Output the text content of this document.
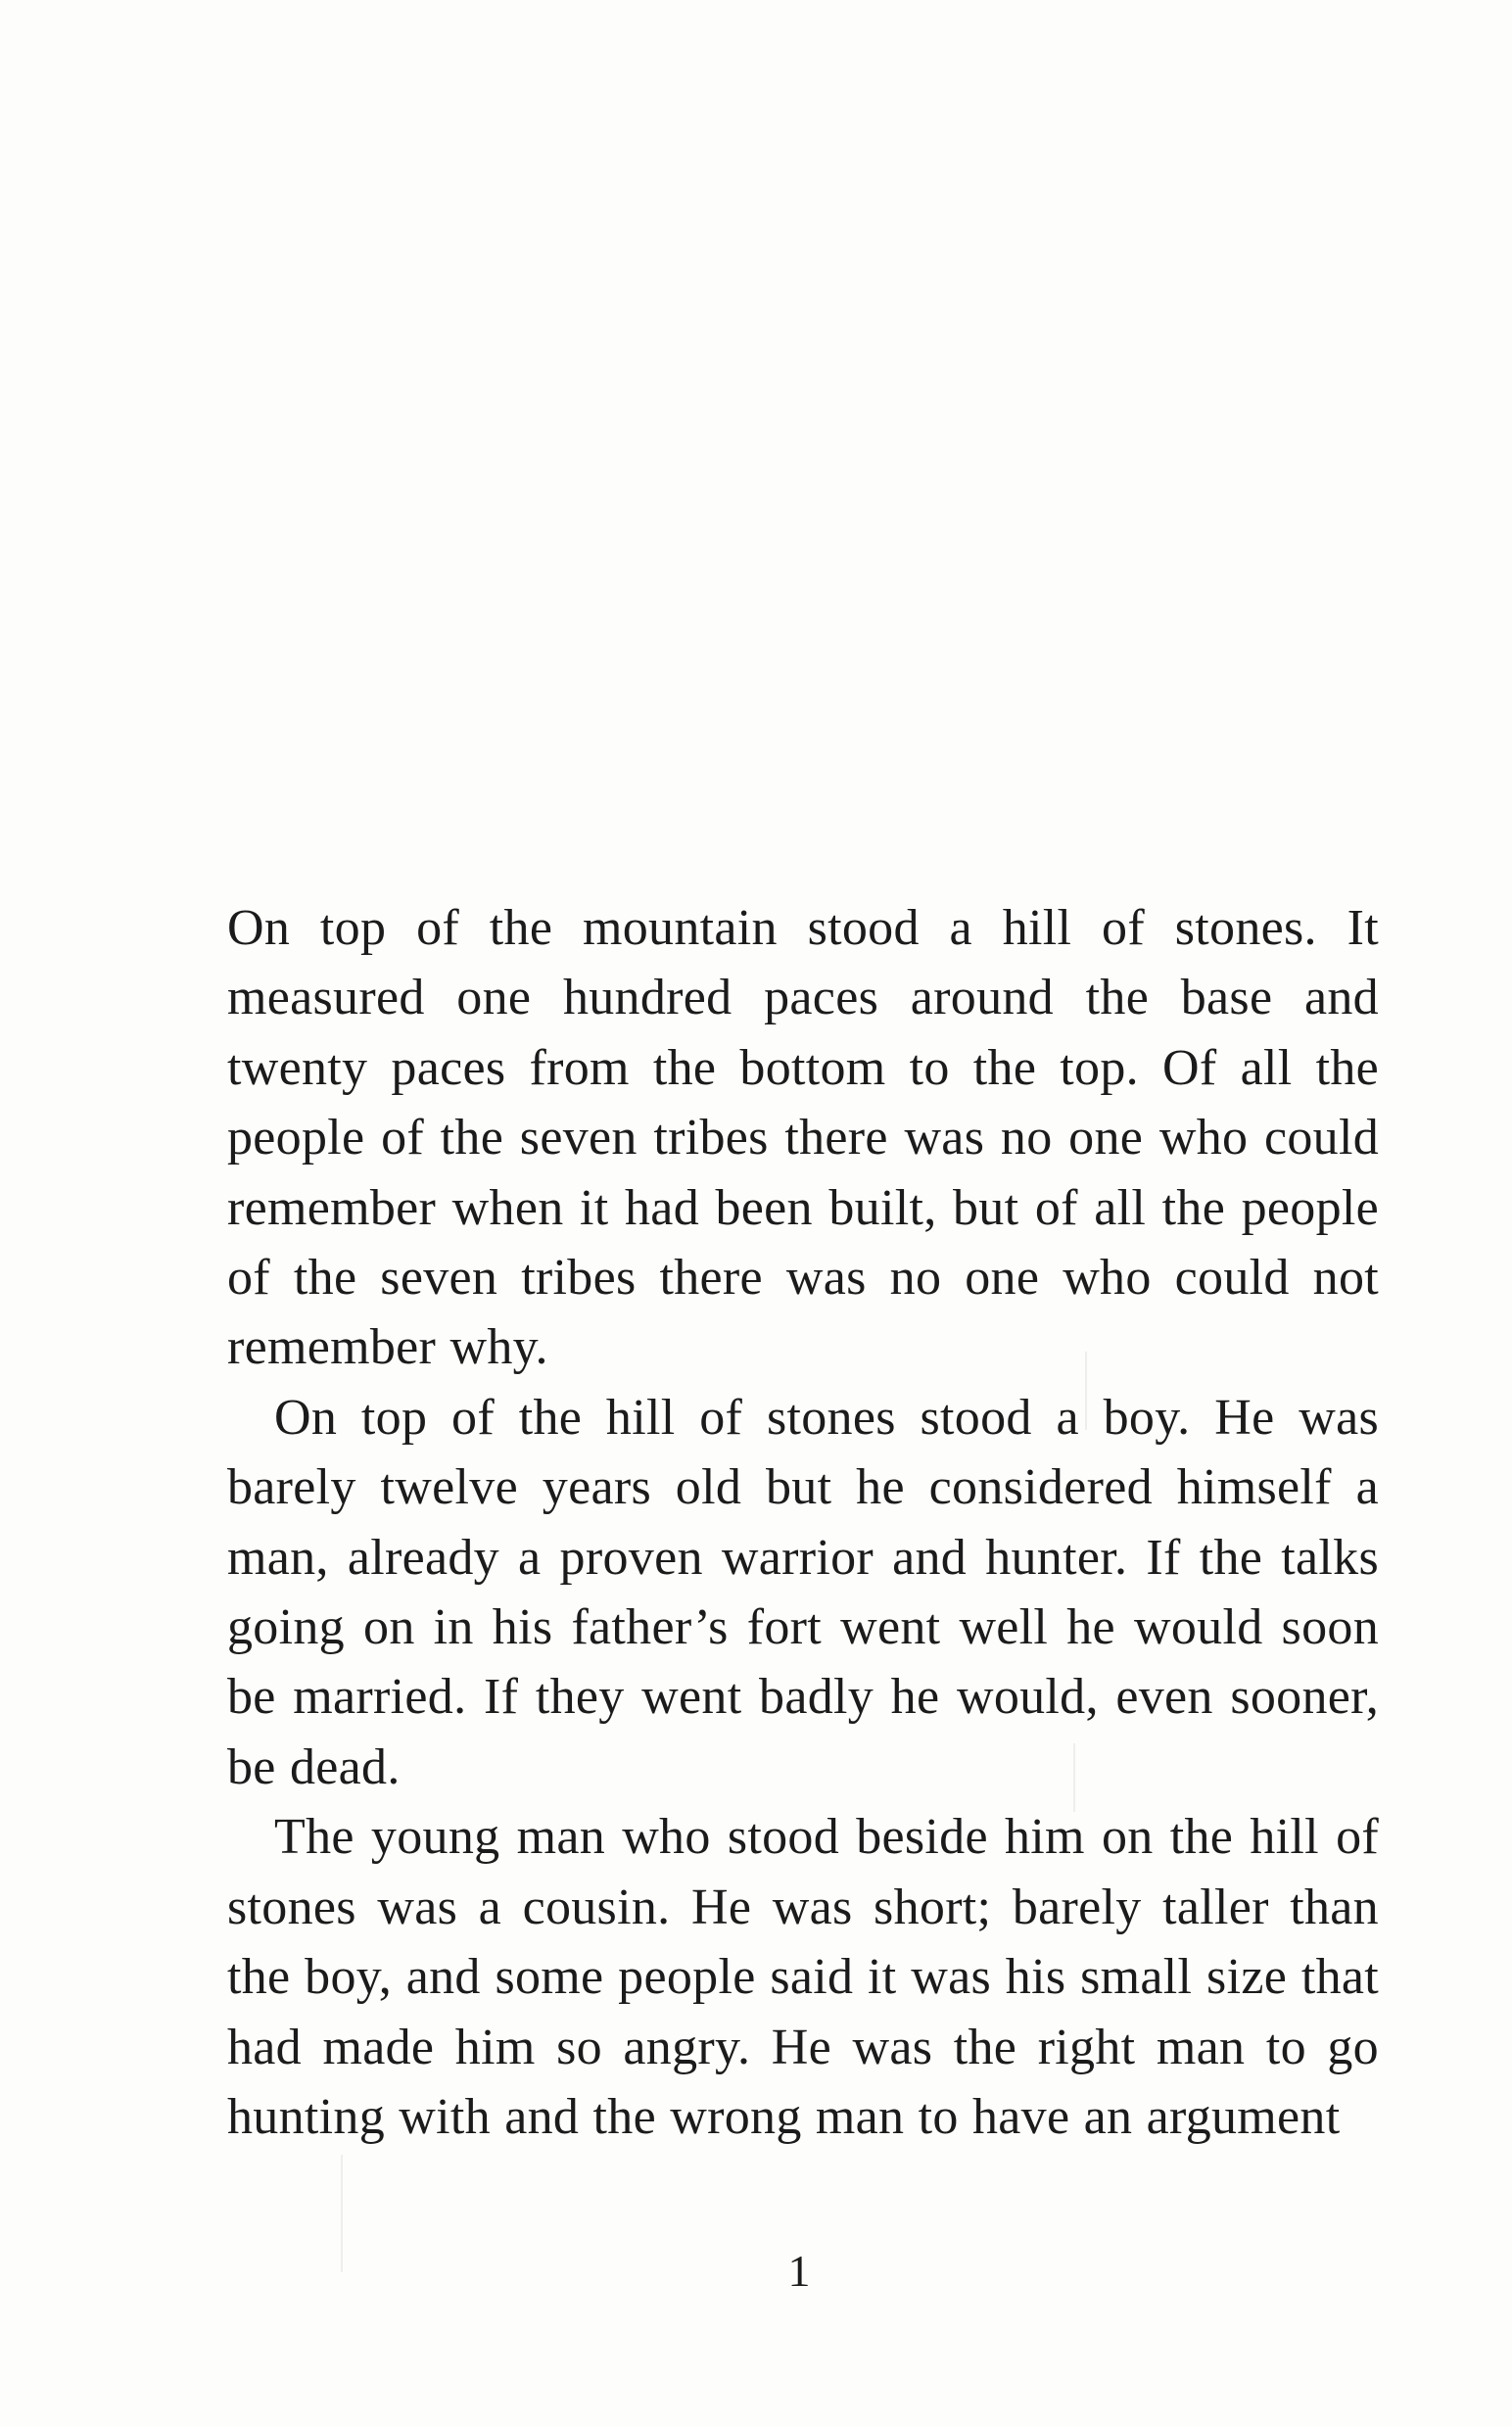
On top of the mountain stood a hill of stones. It measured one hundred paces around the base and twenty paces from the bottom to the top. Of all the people of the seven tribes there was no one who could remember when it had been built, but of all the people of the seven tribes there was no one who could not remember why.

On top of the hill of stones stood a boy. He was barely twelve years old but he considered himself a man, already a proven warrior and hunter. If the talks going on in his father’s fort went well he would soon be married. If they went badly he would, even sooner, be dead.

The young man who stood beside him on the hill of stones was a cousin. He was short; barely taller than the boy, and some people said it was his small size that had made him so angry. He was the right man to go hunting with and the wrong man to have an argument

1
